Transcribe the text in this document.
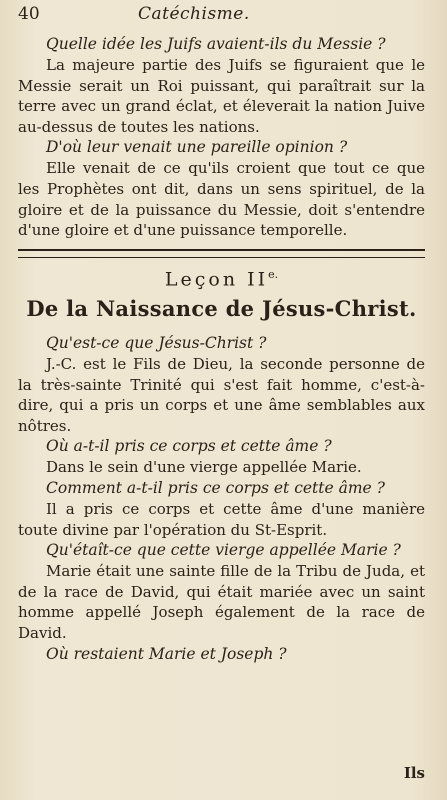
40	Catéchisme.

Quelle idée les Juifs avaient-ils du Messie ?

La majeure partie des Juifs se figuraient que le Messie serait un Roi puissant, qui paraîtrait sur la terre avec un grand éclat, et éleverait la nation Juive au-dessus de toutes les nations.

D'où leur venait une pareille opinion ?

Elle venait de ce qu'ils croient que tout ce que les Prophètes ont dit, dans un sens spirituel, de la gloire et de la puissance du Messie, doit s'entendre d'une gloire et d'une puissance temporelle.

Leçon $II^{e.}$
De la Naissance de Jésus-Christ.

Qu'est-ce que Jésus-Christ ?

J.-C. est le Fils de Dieu, la seconde personne de la très-sainte Trinité qui s'est fait homme, c'est-à-dire, qui a pris un corps et une âme semblables aux nôtres.

Où a-t-il pris ce corps et cette âme ?

Dans le sein d'une vierge appellée Marie.

Comment a-t-il pris ce corps et cette âme ?

Il a pris ce corps et cette âme d'une manière toute divine par l'opération du St-Esprit.

Qu'étaît-ce que cette vierge appellée Marie ?

Marie était une sainte fille de la Tribu de Juda, et de la race de David, qui était mariée avec un saint homme appellé Joseph également de la race de David.

Où restaient Marie et Joseph ?

Ils
